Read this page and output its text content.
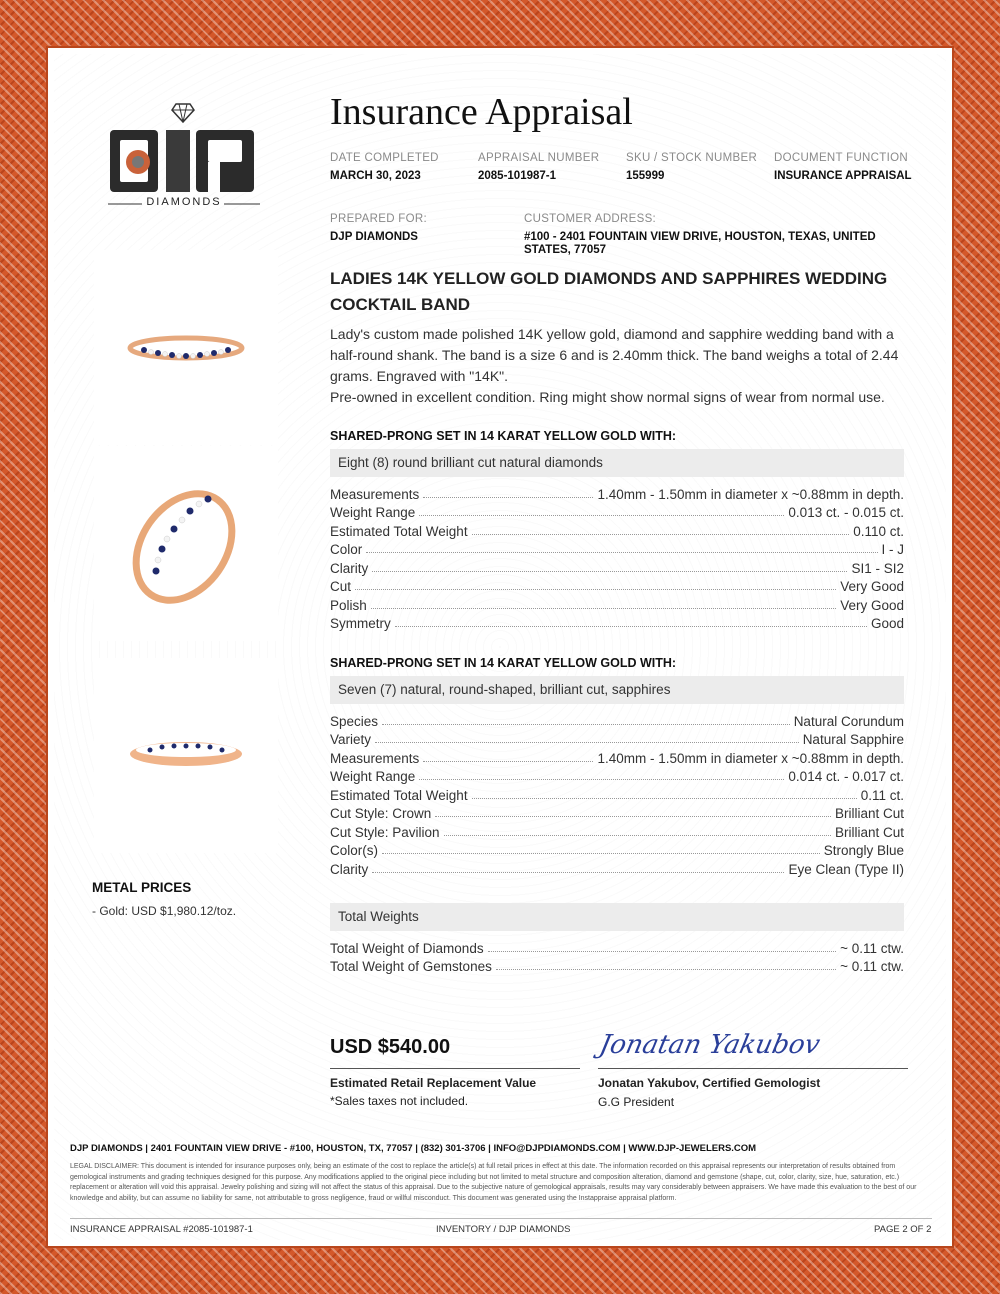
DIAMONDS
Insurance Appraisal
DATE COMPLETED
MARCH 30, 2023
APPRAISAL NUMBER
2085-101987-1
SKU / STOCK NUMBER
155999
DOCUMENT FUNCTION
INSURANCE APPRAISAL
PREPARED FOR:
DJP DIAMONDS
CUSTOMER ADDRESS:
#100 - 2401 FOUNTAIN VIEW DRIVE, HOUSTON, TEXAS, UNITED STATES, 77057
METAL PRICES
- Gold: USD $1,980.12/toz.
LADIES 14K YELLOW GOLD DIAMONDS AND SAPPHIRES WEDDING COCKTAIL BAND
Lady's custom made polished 14K yellow gold, diamond and sapphire wedding band with a half-round shank. The band is a size 6 and is 2.40mm thick. The band weighs a total of 2.44 grams. Engraved with "14K".
Pre-owned in excellent condition. Ring might show normal signs of wear from normal use.
SHARED-PRONG SET IN 14 KARAT YELLOW GOLD WITH:
Eight (8) round brilliant cut natural diamonds
Measurements	1.40mm - 1.50mm in diameter x ~0.88mm in depth.
Weight Range	0.013 ct. - 0.015 ct.
Estimated Total Weight	0.110 ct.
Color	I - J
Clarity	SI1 - SI2
Cut	Very Good
Polish	Very Good
Symmetry	Good
SHARED-PRONG SET IN 14 KARAT YELLOW GOLD WITH:
Seven (7) natural, round-shaped, brilliant cut, sapphires
Species	Natural Corundum
Variety	Natural Sapphire
Measurements	1.40mm - 1.50mm in diameter x ~0.88mm in depth.
Weight Range	0.014 ct. - 0.017 ct.
Estimated Total Weight	0.11 ct.
Cut Style: Crown	Brilliant Cut
Cut Style: Pavilion	Brilliant Cut
Color(s)	Strongly Blue
Clarity	Eye Clean (Type II)
Total Weights
Total Weight of Diamonds	~ 0.11 ctw.
Total Weight of Gemstones	~ 0.11 ctw.
USD $540.00
Estimated Retail Replacement Value
*Sales taxes not included.
Jonatan Yakubov
Jonatan Yakubov, Certified Gemologist
G.G President
DJP DIAMONDS | 2401 FOUNTAIN VIEW DRIVE - #100, HOUSTON, TX, 77057 | (832) 301-3706 | INFO@DJPDIAMONDS.COM | WWW.DJP-JEWELERS.COM
LEGAL DISCLAIMER: This document is intended for insurance purposes only, being an estimate of the cost to replace the article(s) at full retail prices in effect at this date. The information recorded on this appraisal represents our interpretation of results obtained from gemological instruments and grading techniques designed for this purpose. Any modifications applied to the original piece including but not limited to metal structure and composition alteration, diamond and gemstone (shape, cut, color, clarity, size, hue, saturation, etc.) replacement or alteration will void this appraisal. Jewelry polishing and sizing will not affect the status of this appraisal. Due to the subjective nature of gemological appraisals, results may vary considerably between appraisers. We have made this evaluation to the best of our knowledge and ability, but can assume no liability for same, not attributable to gross negligence, fraud or willful misconduct. This document was generated using the Instappraise appraisal platform.
INSURANCE APPRAISAL #2085-101987-1	INVENTORY / DJP DIAMONDS	PAGE 2 OF 2
